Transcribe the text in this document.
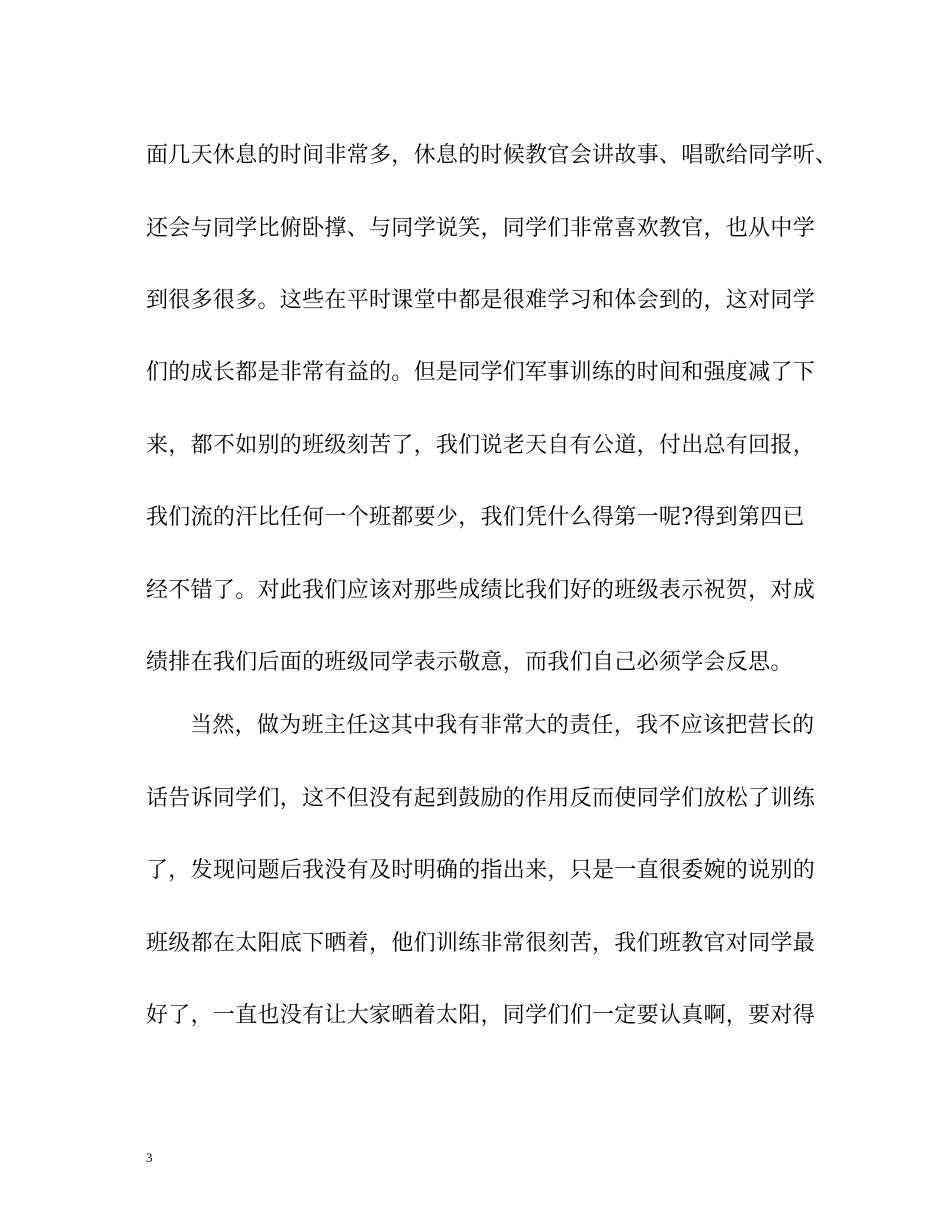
面几天休息的时间非常多，休息的时候教官会讲故事、唱歌给同学听、
还会与同学比俯卧撑、与同学说笑，同学们非常喜欢教官，也从中学
到很多很多。这些在平时课堂中都是很难学习和体会到的，这对同学
们的成长都是非常有益的。但是同学们军事训练的时间和强度减了下
来，都不如别的班级刻苦了，我们说老天自有公道，付出总有回报，
我们流的汗比任何一个班都要少，我们凭什么得第一呢?得到第四已
经不错了。对此我们应该对那些成绩比我们好的班级表示祝贺，对成
绩排在我们后面的班级同学表示敬意，而我们自己必须学会反思。
当然，做为班主任这其中我有非常大的责任，我不应该把营长的
话告诉同学们，这不但没有起到鼓励的作用反而使同学们放松了训练
了，发现问题后我没有及时明确的指出来，只是一直很委婉的说别的
班级都在太阳底下晒着，他们训练非常很刻苦，我们班教官对同学最
好了，一直也没有让大家晒着太阳，同学们们一定要认真啊，要对得
3
